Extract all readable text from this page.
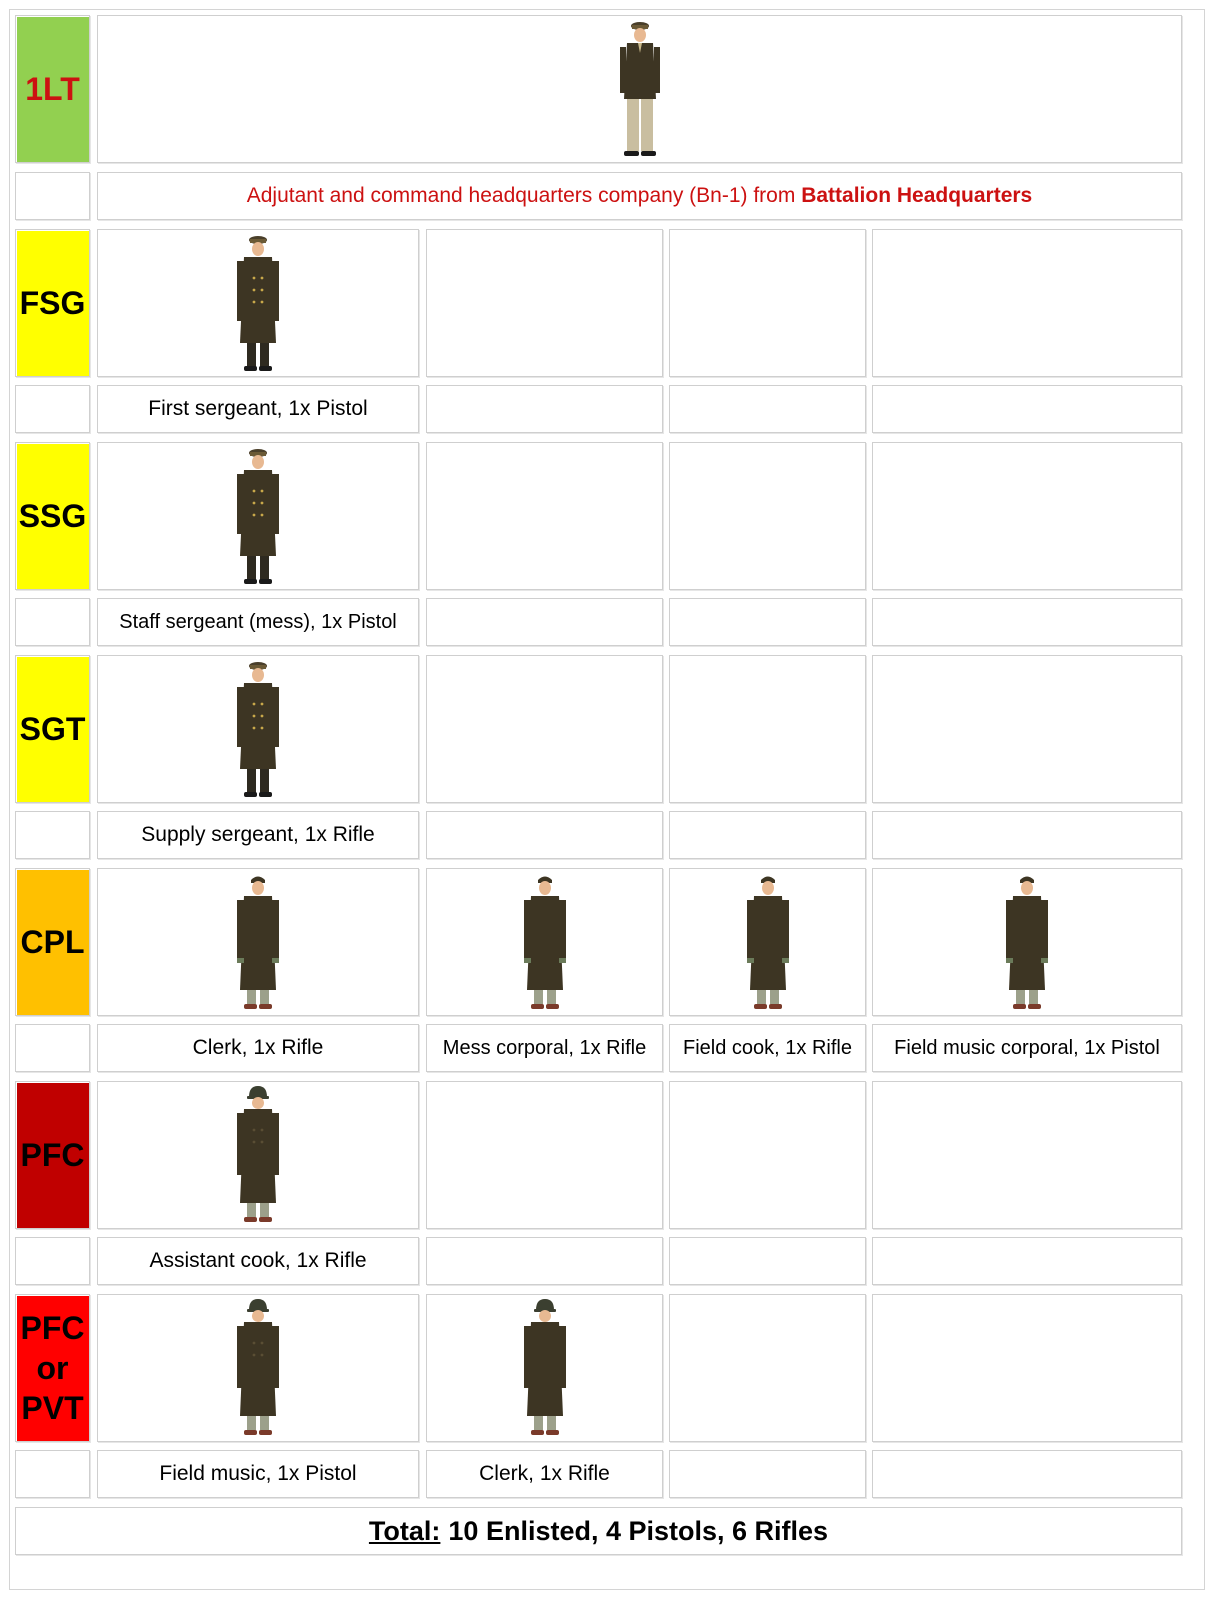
1LT
Adjutant and command headquarters company (Bn-1) from Battalion Headquarters
FSG
First sergeant, 1x Pistol
SSG
Staff sergeant (mess), 1x Pistol
SGT
Supply sergeant, 1x Rifle
CPL
Clerk, 1x Rifle	Mess corporal, 1x Rifle	Field cook, 1x Rifle	Field music corporal, 1x Pistol
PFC
Assistant cook, 1x Rifle
PFC
or
PVT
Field music, 1x Pistol	Clerk, 1x Rifle
Total: 10 Enlisted, 4 Pistols, 6 Rifles
